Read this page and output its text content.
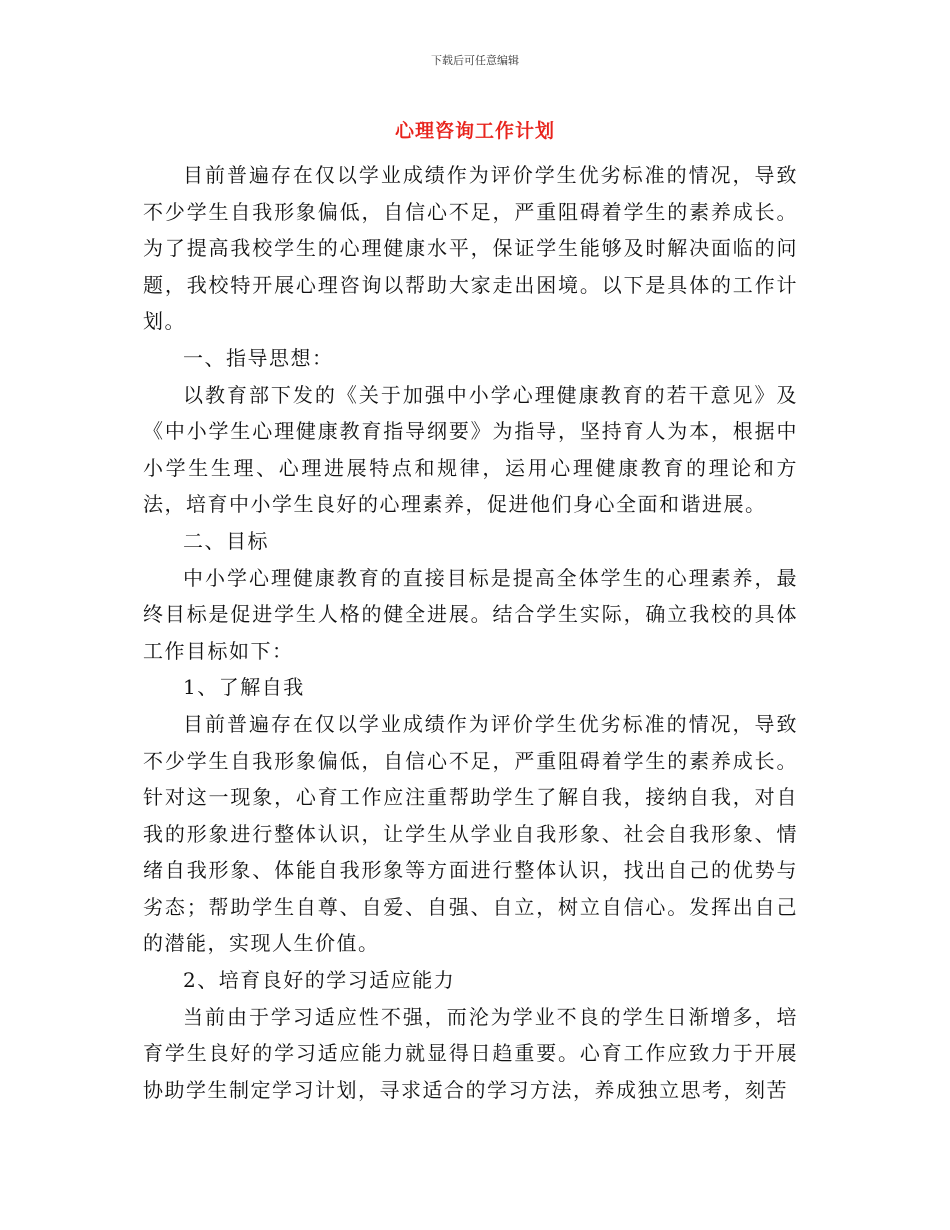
下载后可任意编辑
心理咨询工作计划

目前普遍存在仅以学业成绩作为评价学生优劣标准的情况，导致不少学生自我形象偏低，自信心不足，严重阻碍着学生的素养成长。为了提高我校学生的心理健康水平，保证学生能够及时解决面临的问题，我校特开展心理咨询以帮助大家走出困境。以下是具体的工作计划。

一、指导思想：

以教育部下发的《关于加强中小学心理健康教育的若干意见》及《中小学生心理健康教育指导纲要》为指导，坚持育人为本，根据中小学生生理、心理进展特点和规律，运用心理健康教育的理论和方法，培育中小学生良好的心理素养，促进他们身心全面和谐进展。

二、目标

中小学心理健康教育的直接目标是提高全体学生的心理素养，最终目标是促进学生人格的健全进展。结合学生实际，确立我校的具体工作目标如下：

1、了解自我

目前普遍存在仅以学业成绩作为评价学生优劣标准的情况，导致不少学生自我形象偏低，自信心不足，严重阻碍着学生的素养成长。针对这一现象，心育工作应注重帮助学生了解自我，接纳自我，对自我的形象进行整体认识，让学生从学业自我形象、社会自我形象、情绪自我形象、体能自我形象等方面进行整体认识，找出自己的优势与劣态；帮助学生自尊、自爱、自强、自立，树立自信心。发挥出自己的潜能，实现人生价值。

2、培育良好的学习适应能力

当前由于学习适应性不强，而沦为学业不良的学生日渐增多，培育学生良好的学习适应能力就显得日趋重要。心育工作应致力于开展协助学生制定学习计划，寻求适合的学习方法，养成独立思考，刻苦
